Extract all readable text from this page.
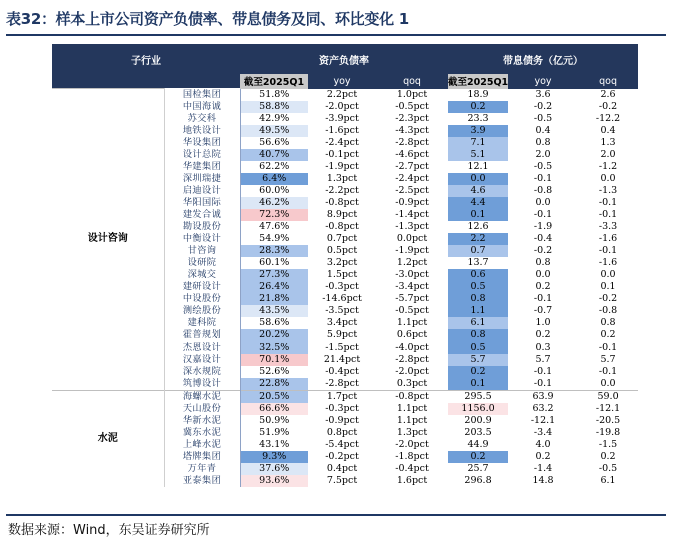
表32：样本上市公司资产负债率、带息债务及同、环比变化 1
子行业		资产负债率			带息债务（亿元）		
		截至2025Q1	yoy	qoq	截至2025Q1	yoy	qoq
设计咨询	国检集团	51.8%	2.2pct	1.0pct	18.9	3.6	2.6
	中国海诚	58.8%	-2.0pct	-0.5pct	0.2	-0.2	-0.2
	苏交科	42.9%	-3.9pct	-2.3pct	23.3	-0.5	-12.2
	地铁设计	49.5%	-1.6pct	-4.3pct	3.9	0.4	0.4
	华设集团	56.6%	-2.4pct	-2.8pct	7.1	0.8	1.3
	设计总院	40.7%	-0.1pct	-4.6pct	5.1	2.0	2.0
	华建集团	62.2%	-1.9pct	-2.7pct	12.1	-0.5	-1.2
	深圳瑞捷	6.4%	1.3pct	-2.4pct	0.0	-0.1	0.0
	启迪设计	60.0%	-2.2pct	-2.5pct	4.6	-0.8	-1.3
	华阳国际	46.2%	-0.8pct	-0.9pct	4.4	0.0	-0.1
	建发合诚	72.3%	8.9pct	-1.4pct	0.1	-0.1	-0.1
	勘设股份	47.6%	-0.8pct	-1.3pct	12.6	-1.9	-3.3
	中衡设计	54.9%	0.7pct	0.0pct	2.2	-0.4	-1.6
	甘咨询	28.3%	0.5pct	-1.9pct	0.7	-0.2	-0.1
	设研院	60.1%	3.2pct	1.2pct	13.7	0.8	-1.6
	深城交	27.3%	1.5pct	-3.0pct	0.6	0.0	0.0
	建研设计	26.4%	-0.3pct	-3.4pct	0.5	0.2	0.1
	中设股份	21.8%	-14.6pct	-5.7pct	0.8	-0.1	-0.2
	测绘股份	43.5%	-3.5pct	-0.5pct	1.1	-0.7	-0.8
	建科院	58.6%	3.4pct	1.1pct	6.1	1.0	0.8
	霍普规划	20.2%	5.9pct	0.6pct	0.8	0.2	0.2
	杰恩设计	32.5%	-1.5pct	-4.0pct	0.5	0.3	-0.1
	汉嘉设计	70.1%	21.4pct	-2.8pct	5.7	5.7	5.7
	深水规院	52.6%	-0.4pct	-2.0pct	0.2	-0.1	-0.1
	筑博设计	22.8%	-2.8pct	0.3pct	0.1	-0.1	0.0
水泥	海螺水泥	20.5%	1.7pct	-0.8pct	295.5	63.9	59.0
	天山股份	66.6%	-0.3pct	1.1pct	1156.0	63.2	-12.1
	华新水泥	50.9%	-0.9pct	1.1pct	200.9	-12.1	-20.5
	冀东水泥	51.9%	0.8pct	1.3pct	203.5	-3.4	-19.8
	上峰水泥	43.1%	-5.4pct	-2.0pct	44.9	4.0	-1.5
	塔牌集团	9.3%	-0.2pct	-1.8pct	0.2	0.2	0.2
	万年青	37.6%	0.4pct	-0.4pct	25.7	-1.4	-0.5
	亚泰集团	93.6%	7.5pct	1.6pct	296.8	14.8	6.1
数据来源：Wind，东吴证券研究所
